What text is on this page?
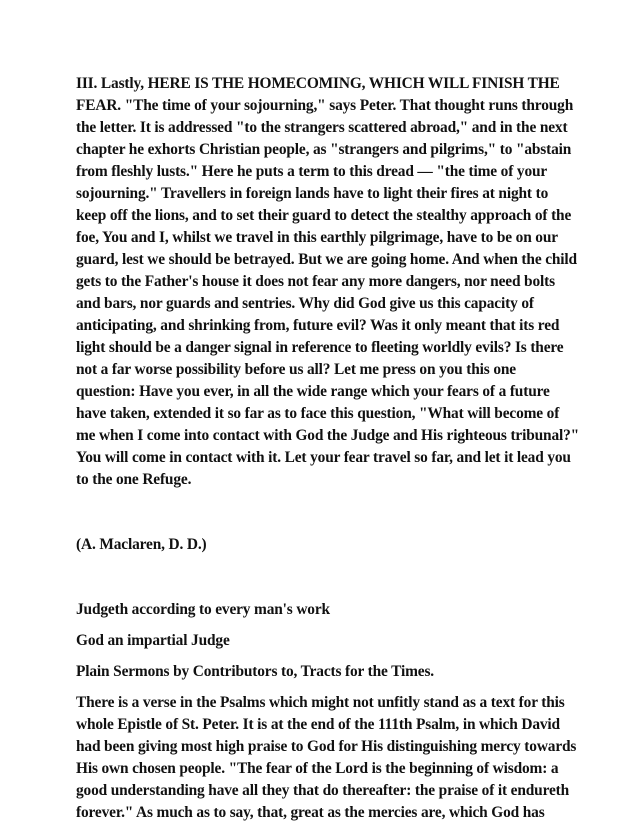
III. Lastly, HERE IS THE HOMECOMING, WHICH WILL FINISH THE
FEAR. "The time of your sojourning," says Peter. That thought runs through
the letter. It is addressed "to the strangers scattered abroad," and in the next
chapter he exhorts Christian people, as "strangers and pilgrims," to "abstain
from fleshly lusts." Here he puts a term to this dread — "the time of your
sojourning." Travellers in foreign lands have to light their fires at night to
keep off the lions, and to set their guard to detect the stealthy approach of the
foe, You and I, whilst we travel in this earthly pilgrimage, have to be on our
guard, lest we should be betrayed. But we are going home. And when the child
gets to the Father's house it does not fear any more dangers, nor need bolts
and bars, nor guards and sentries. Why did God give us this capacity of
anticipating, and shrinking from, future evil? Was it only meant that its red
light should be a danger signal in reference to fleeting worldly evils? Is there
not a far worse possibility before us all? Let me press on you this one
question: Have you ever, in all the wide range which your fears of a future
have taken, extended it so far as to face this question, "What will become of
me when I come into contact with God the Judge and His righteous tribunal?"
You will come in contact with it. Let your fear travel so far, and let it lead you
to the one Refuge.
(A. Maclaren, D. D.)
Judgeth according to every man's work
God an impartial Judge
Plain Sermons by Contributors to, Tracts for the Times.
There is a verse in the Psalms which might not unfitly stand as a text for this
whole Epistle of St. Peter. It is at the end of the 111th Psalm, in which David
had been giving most high praise to God for His distinguishing mercy towards
His own chosen people. "The fear of the Lord is the beginning of wisdom: a
good understanding have all they that do thereafter: the praise of it endureth
forever." As much as to say, that, great as the mercies are, which God has
